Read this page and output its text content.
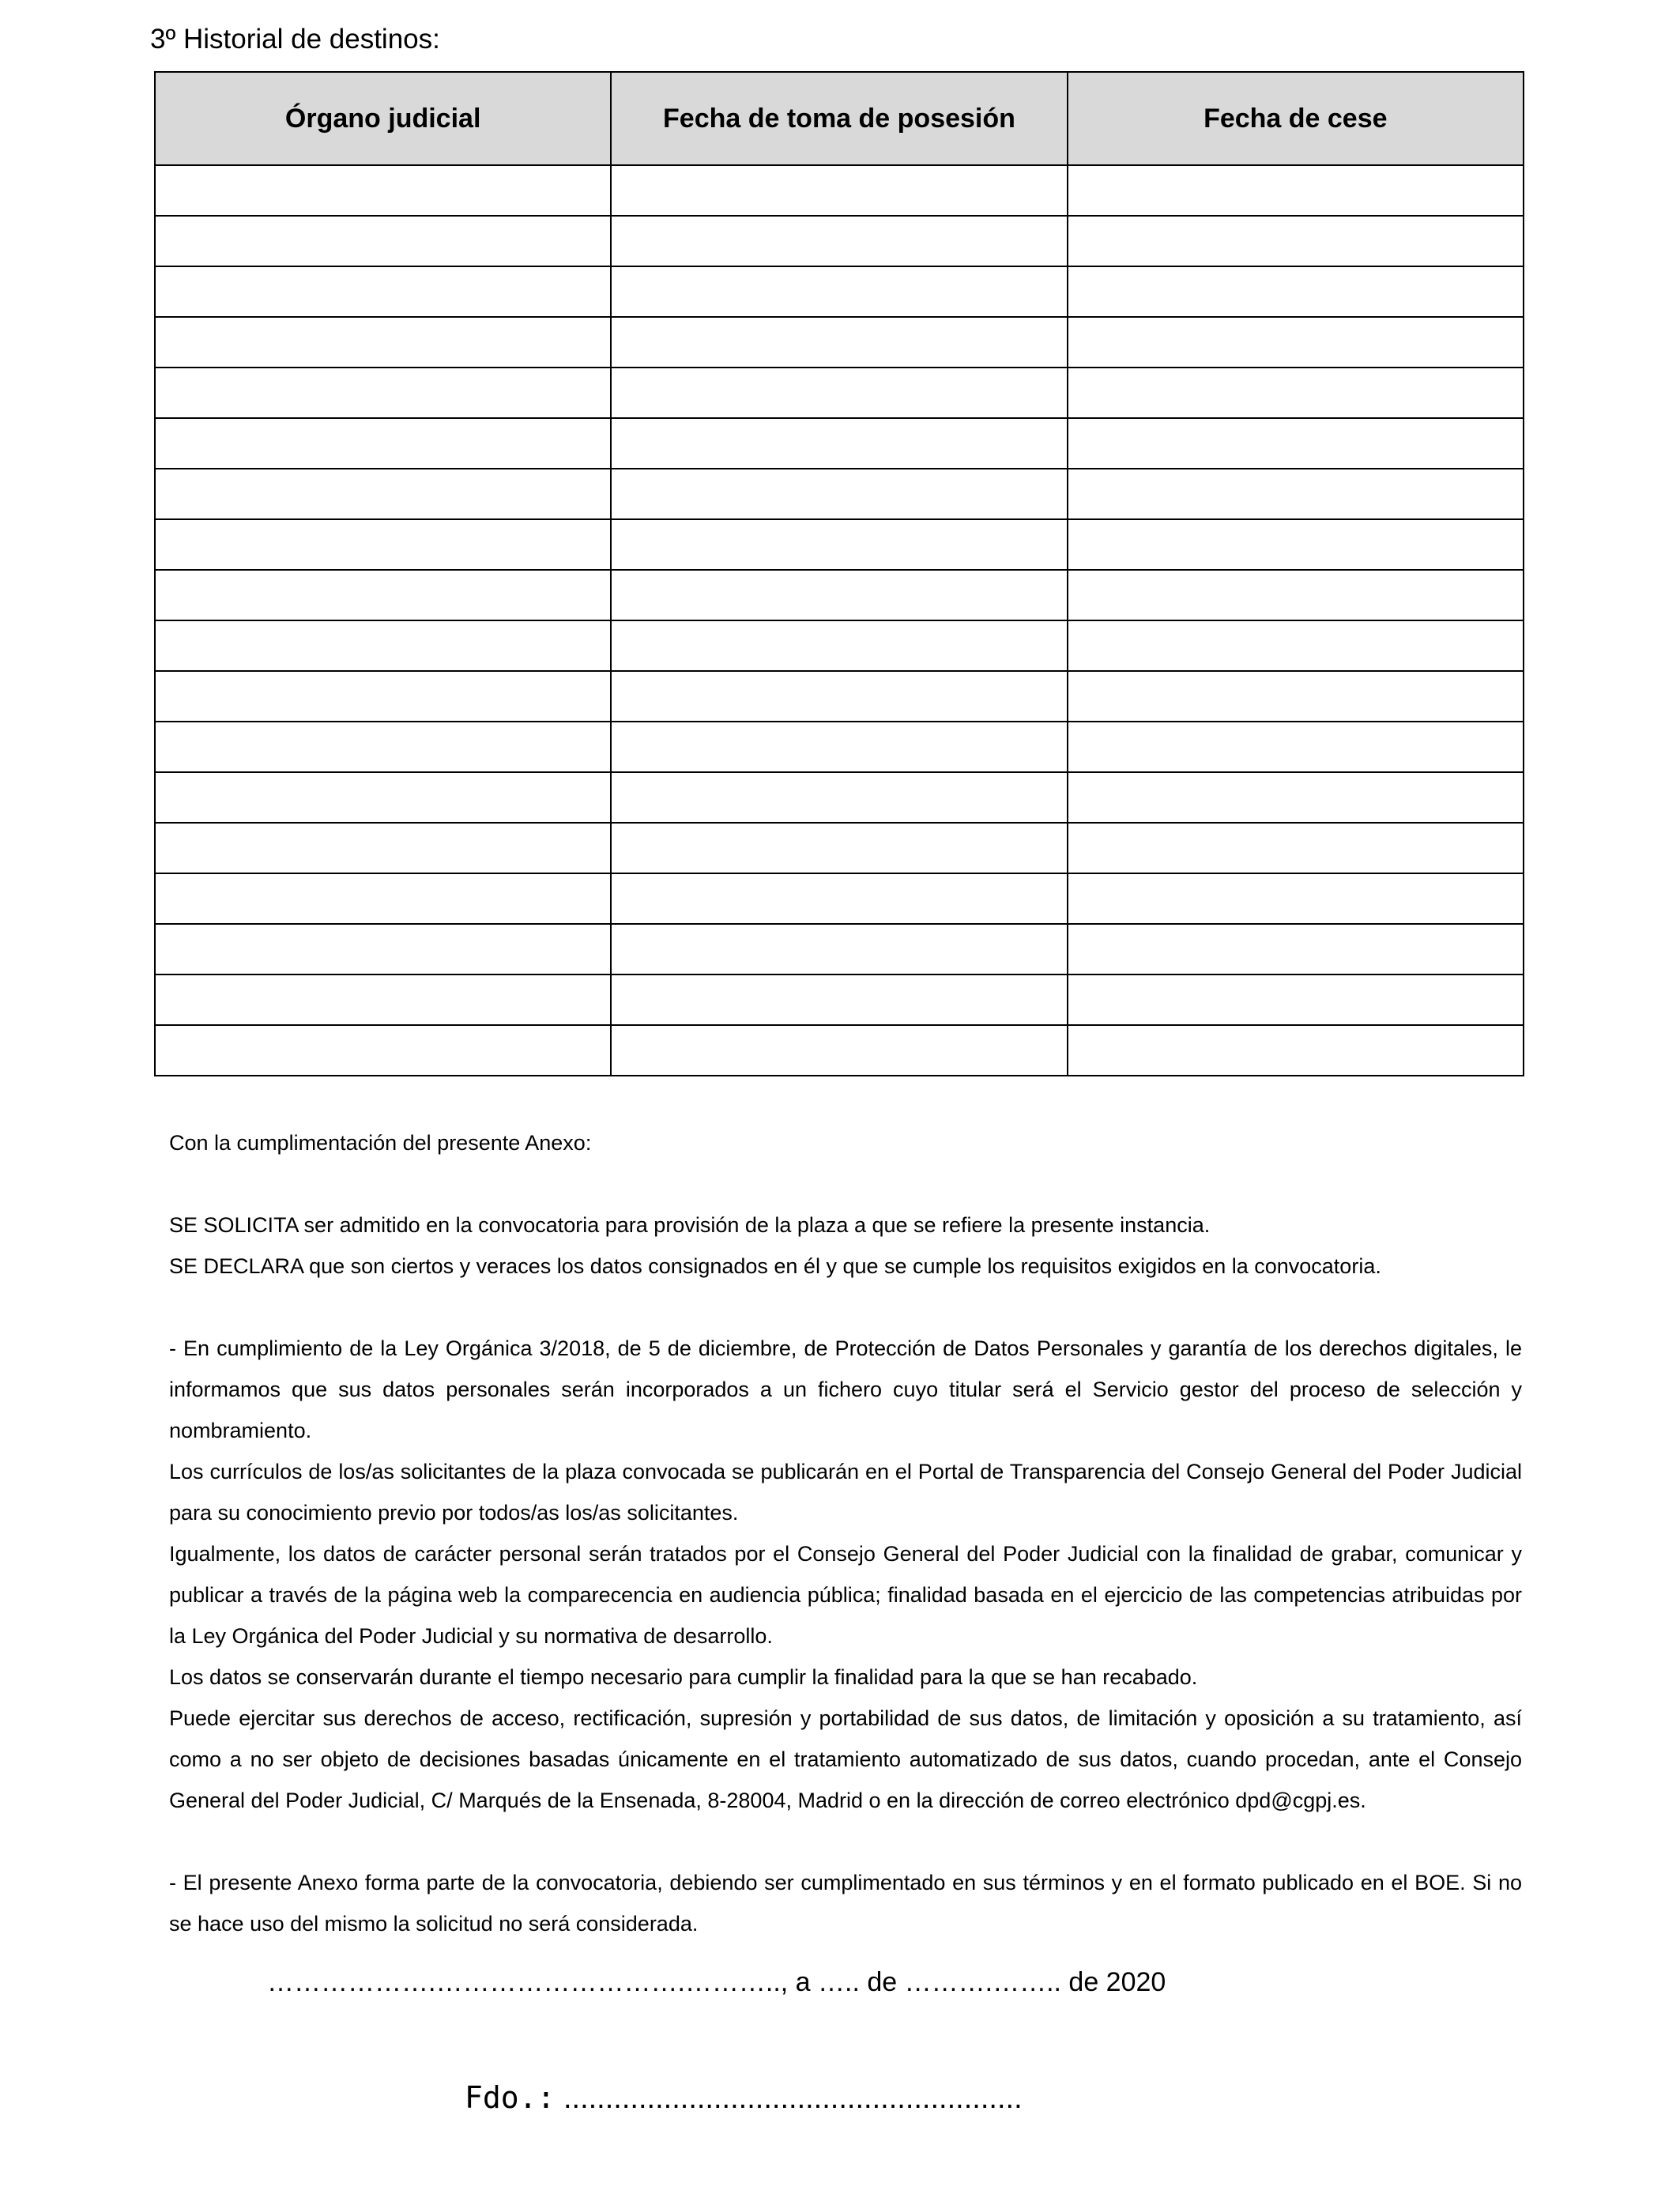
3º Historial de destinos:
Órgano judicial	Fecha de toma de posesión	Fecha de cese

Con la cumplimentación del presente Anexo:

SE SOLICITA ser admitido en la convocatoria para provisión de la plaza a que se refiere la presente instancia.

SE DECLARA que son ciertos y veraces los datos consignados en él y que se cumple los requisitos exigidos en la convocatoria.

- En cumplimiento de la Ley Orgánica 3/2018, de 5 de diciembre, de Protección de Datos Personales y garantía de los derechos digitales, le informamos que sus datos personales serán incorporados a un fichero cuyo titular será el Servicio gestor del proceso de selección y nombramiento.

Los currículos de los/as solicitantes de la plaza convocada se publicarán en el Portal de Transparencia del Consejo General del Poder Judicial para su conocimiento previo por todos/as los/as solicitantes.

Igualmente, los datos de carácter personal serán tratados por el Consejo General del Poder Judicial con la finalidad de grabar, comunicar y publicar a través de la página web la comparecencia en audiencia pública; finalidad basada en el ejercicio de las competencias atribuidas por la Ley Orgánica del Poder Judicial y su normativa de desarrollo.

Los datos se conservarán durante el tiempo necesario para cumplir la finalidad para la que se han recabado.

Puede ejercitar sus derechos de acceso, rectificación, supresión y portabilidad de sus datos, de limitación y oposición a su tratamiento, así como a no ser objeto de decisiones basadas únicamente en el tratamiento automatizado de sus datos, cuando procedan, ante el Consejo General del Poder Judicial, C/ Marqués de la Ensenada, 8-28004, Madrid o en la dirección de correo electrónico dpd@cgpj.es.

- El presente Anexo forma parte de la convocatoria, debiendo ser cumplimentado en sus términos y en el formato publicado en el BOE. Si no se hace uso del mismo la solicitud no será considerada.

……………….……………………….……….., a ….. de ……….…….. de 2020
Fdo.: .......................................................
